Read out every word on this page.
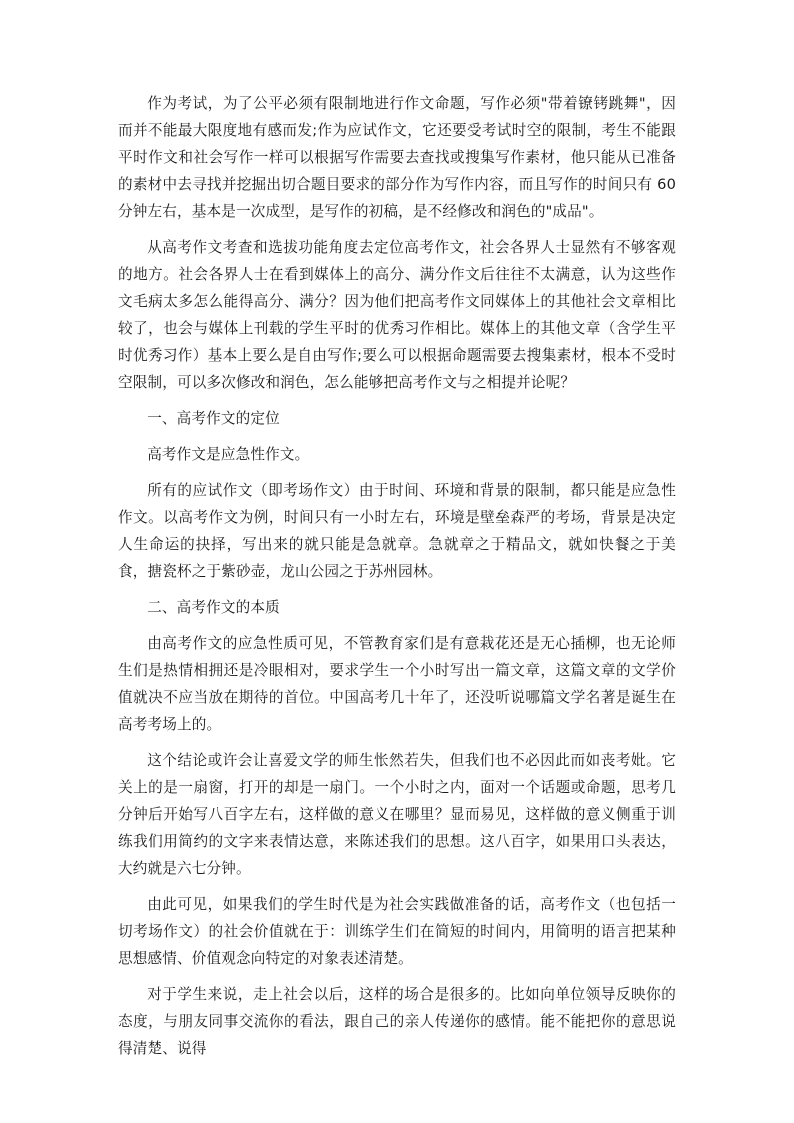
作为考试，为了公平必须有限制地进行作文命题，写作必须"带着镣铐跳舞"，因而并不能最大限度地有感而发;作为应试作文，它还要受考试时空的限制，考生不能跟平时作文和社会写作一样可以根据写作需要去查找或搜集写作素材，他只能从已准备的素材中去寻找并挖掘出切合题目要求的部分作为写作内容，而且写作的时间只有 60 分钟左右，基本是一次成型，是写作的初稿，是不经修改和润色的"成品"。

从高考作文考查和选拔功能角度去定位高考作文，社会各界人士显然有不够客观的地方。社会各界人士在看到媒体上的高分、满分作文后往往不太满意，认为这些作文毛病太多怎么能得高分、满分？因为他们把高考作文同媒体上的其他社会文章相比较了，也会与媒体上刊载的学生平时的优秀习作相比。媒体上的其他文章（含学生平时优秀习作）基本上要么是自由写作;要么可以根据命题需要去搜集素材，根本不受时空限制，可以多次修改和润色，怎么能够把高考作文与之相提并论呢？

一、高考作文的定位

高考作文是应急性作文。

所有的应试作文（即考场作文）由于时间、环境和背景的限制，都只能是应急性作文。以高考作文为例，时间只有一小时左右，环境是壁垒森严的考场，背景是决定人生命运的抉择，写出来的就只能是急就章。急就章之于精品文，就如快餐之于美食，搪瓷杯之于紫砂壶，龙山公园之于苏州园林。

二、高考作文的本质

由高考作文的应急性质可见，不管教育家们是有意栽花还是无心插柳，也无论师生们是热情相拥还是冷眼相对，要求学生一个小时写出一篇文章，这篇文章的文学价值就决不应当放在期待的首位。中国高考几十年了，还没听说哪篇文学名著是诞生在高考考场上的。

这个结论或许会让喜爱文学的师生怅然若失，但我们也不必因此而如丧考妣。它关上的是一扇窗，打开的却是一扇门。一个小时之内，面对一个话题或命题，思考几分钟后开始写八百字左右，这样做的意义在哪里？显而易见，这样做的意义侧重于训练我们用简约的文字来表情达意，来陈述我们的思想。这八百字，如果用口头表达，大约就是六七分钟。

由此可见，如果我们的学生时代是为社会实践做准备的话，高考作文（也包括一切考场作文）的社会价值就在于：训练学生们在简短的时间内，用简明的语言把某种思想感情、价值观念向特定的对象表述清楚。

对于学生来说，走上社会以后，这样的场合是很多的。比如向单位领导反映你的态度，与朋友同事交流你的看法，跟自己的亲人传递你的感情。能不能把你的意思说得清楚、说得
